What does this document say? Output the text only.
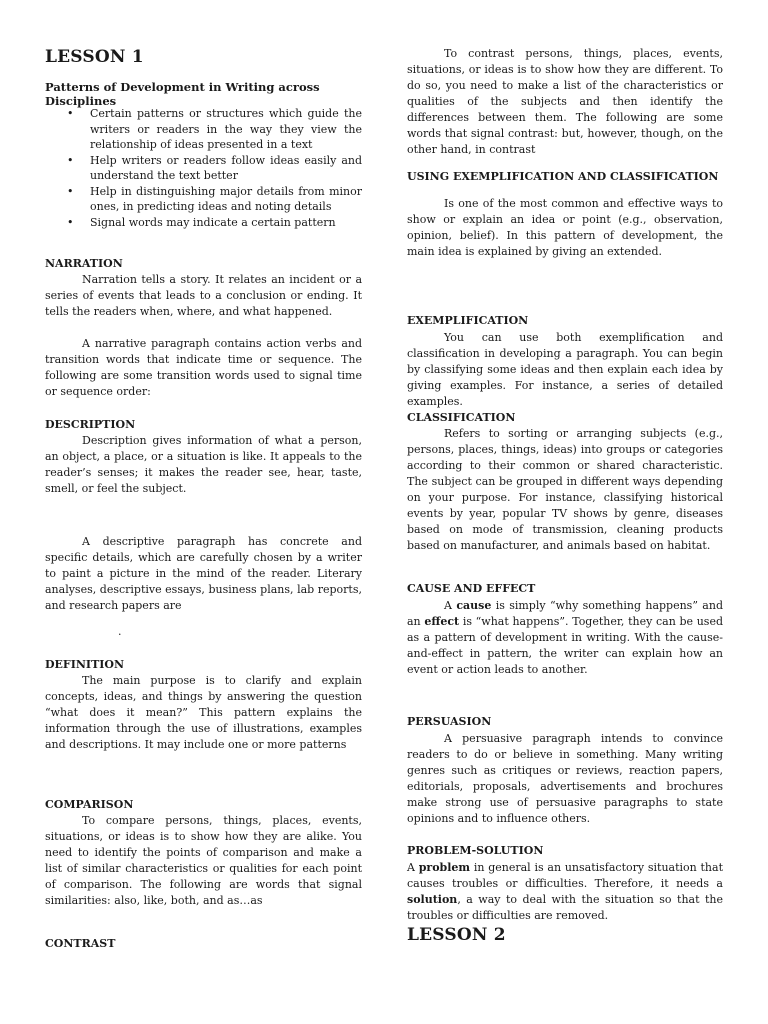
LESSON 1
Patterns of Development in Writing across Disciplines
• Certain patterns or structures which guide the writers or readers in the way they view the relationship of ideas presented in a text
• Help writers or readers follow ideas easily and understand the text better
• Help in distinguishing major details from minor ones, in predicting ideas and noting details
• Signal words may indicate a certain pattern
NARRATION

Narration tells a story. It relates an incident or a series of events that leads to a conclusion or ending. It tells the readers when, where, and what happened.

A narrative paragraph contains action verbs and transition words that indicate time or sequence. The following are some transition words used to signal time or sequence order:

DESCRIPTION

Description gives information of what a person, an object, a place, or a situation is like. It appeals to the reader’s senses; it makes the reader see, hear, taste, smell, or feel the subject.

A descriptive paragraph has concrete and specific details, which are carefully chosen by a writer to paint a picture in the mind of the reader. Literary analyses, descriptive essays, business plans, lab reports, and research papers are

.
DEFINITION

The main purpose is to clarify and explain concepts, ideas, and things by answering the question “what does it mean?” This pattern explains the information through the use of illustrations, examples and descriptions. It may include one or more patterns

COMPARISON

To compare persons, things, places, events, situations, or ideas is to show how they are alike. You need to identify the points of comparison and make a list of similar characteristics or qualities for each point of comparison. The following are words that signal similarities: also, like, both, and as…as

CONTRAST

To contrast persons, things, places, events, situations, or ideas is to show how they are different. To do so, you need to make a list of the characteristics or qualities of the subjects and then identify the differences between them. The following are some words that signal contrast: but, however, though, on the other hand, in contrast

USING EXEMPLIFICATION AND CLASSIFICATION

Is one of the most common and effective ways to show or explain an idea or point (e.g., observation, opinion, belief). In this pattern of development, the main idea is explained by giving an extended.

EXEMPLIFICATION

You can use both exemplification and classification in developing a paragraph. You can begin by classifying some ideas and then explain each idea by giving examples. For instance, a series of detailed examples.

CLASSIFICATION

Refers to sorting or arranging subjects (e.g., persons, places, things, ideas) into groups or categories according to their common or shared characteristic. The subject can be grouped in different ways depending on your purpose. For instance, classifying historical events by year, popular TV shows by genre, diseases based on mode of transmission, cleaning products based on manufacturer, and animals based on habitat.

CAUSE AND EFFECT

A cause is simply “why something happens” and an effect is “what happens”. Together, they can be used as a pattern of development in writing. With the cause-and-effect in pattern, the writer can explain how an event or action leads to another.

PERSUASION

A persuasive paragraph intends to convince readers to do or believe in something. Many writing genres such as critiques or reviews, reaction papers, editorials, proposals, advertisements and brochures make strong use of persuasive paragraphs to state opinions and to influence others.

PROBLEM-SOLUTION

A problem in general is an unsatisfactory situation that causes troubles or difficulties. Therefore, it needs a solution, a way to deal with the situation so that the troubles or difficulties are removed.

LESSON 2
